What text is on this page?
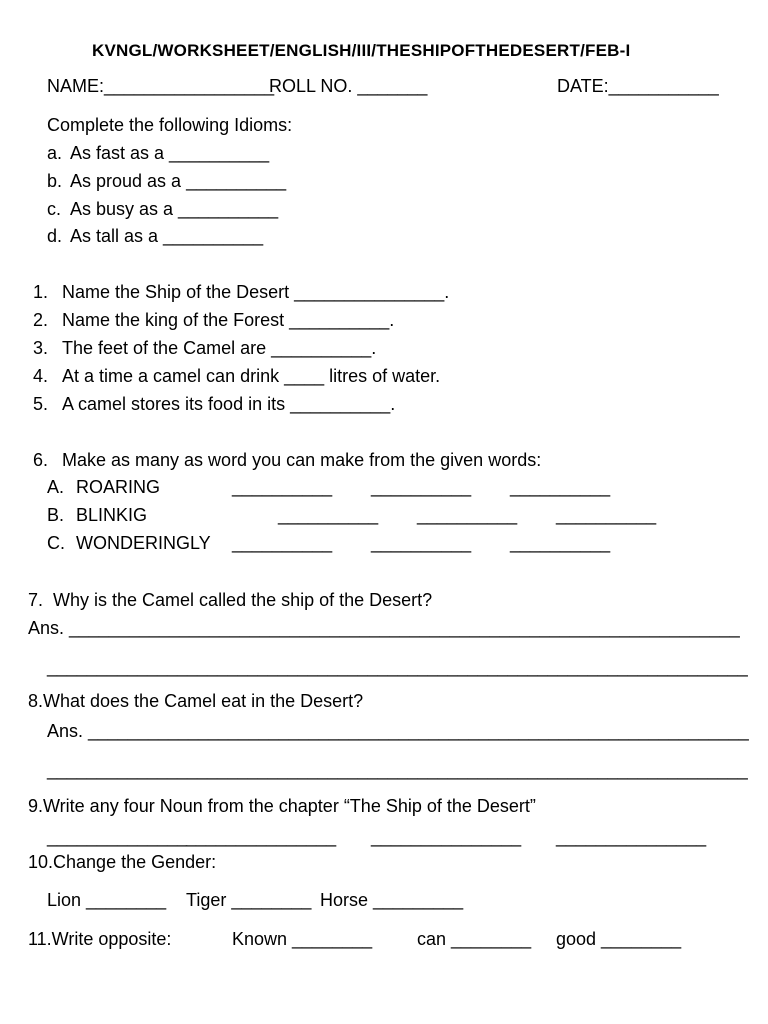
KVNGL/WORKSHEET/ENGLISH/III/THESHIPOFTHEDESERT/FEB-I
NAME:_________________
ROLL NO. _______	DATE:___________
Complete the following Idioms:
a. As fast as a __________
b. As proud as a __________
c. As busy as a __________
d. As tall as a __________
1. Name the Ship of the Desert _______________.
2. Name the king of the Forest __________.
3. The feet of the Camel are __________.
4. At a time a camel can drink ____ litres of water.
5. A camel stores its food in its __________.
6. Make as many as word you can make from the given words:
A. ROARING	__________ __________ __________
B. BLINKIG	__________ __________ __________
C. WONDERINGLY __________ __________ __________
7.  Why is the Camel called the ship of the Desert?
Ans. ___________________________________________________________________
______________________________________________________________________
8.What does the Camel eat in the Desert?
Ans. __________________________________________________________________
______________________________________________________________________
9.Write any four Noun from the chapter “The Ship of the Desert”
______________
_______________ _______________ _______________
10.Change the Gender:
Lion ________ Tiger ________ Horse _________
11.Write opposite:	Known ________ can ________ good ________
